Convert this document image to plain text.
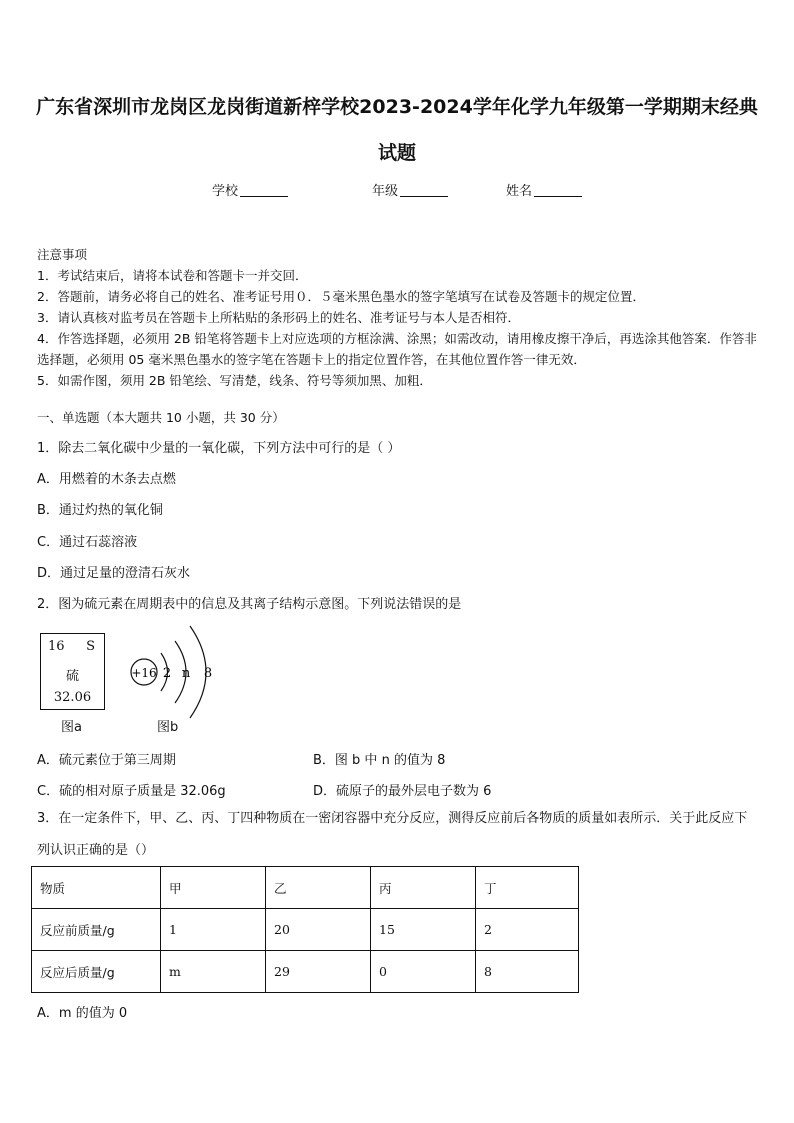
广东省深圳市龙岗区龙岗街道新梓学校2023-2024学年化学九年级第一学期期末经典试题
学校	年级	姓名
注意事项
1．考试结束后，请将本试卷和答题卡一并交回．
2．答题前，请务必将自己的姓名、准考证号用０．５毫米黑色墨水的签字笔填写在试卷及答题卡的规定位置．
3．请认真核对监考员在答题卡上所粘贴的条形码上的姓名、准考证号与本人是否相符．
4．作答选择题，必须用 2B 铅笔将答题卡上对应选项的方框涂满、涂黑；如需改动，请用橡皮擦干净后，再选涂其他答案．作答非选择题，必须用 05 毫米黑色墨水的签字笔在答题卡上的指定位置作答，在其他位置作答一律无效．
5．如需作图，须用 2B 铅笔绘、写清楚，线条、符号等须加黑、加粗．
一、单选题（本大题共 10 小题，共 30 分）
1．除去二氧化碳中少量的一氧化碳，下列方法中可行的是（ ）
A．用燃着的木条去点燃
B．通过灼热的氧化铜
C．通过石蕊溶液
D．通过足量的澄清石灰水
2．图为硫元素在周期表中的信息及其离子结构示意图。下列说法错误的是
16 S
硫
32.06
+16 2 n 8
图a	图b
A．硫元素位于第三周期	B．图 b 中 n 的值为 8
C．硫的相对原子质量是 32.06g	D．硫原子的最外层电子数为 6
3．在一定条件下，甲、乙、丙、丁四种物质在一密闭容器中充分反应，测得反应前后各物质的质量如表所示．关于此反应下列认识正确的是（）
物质	甲	乙	丙	丁
反应前质量/g	1	20	15	2
反应后质量/g	m	29	0	8
A．m 的值为 0
